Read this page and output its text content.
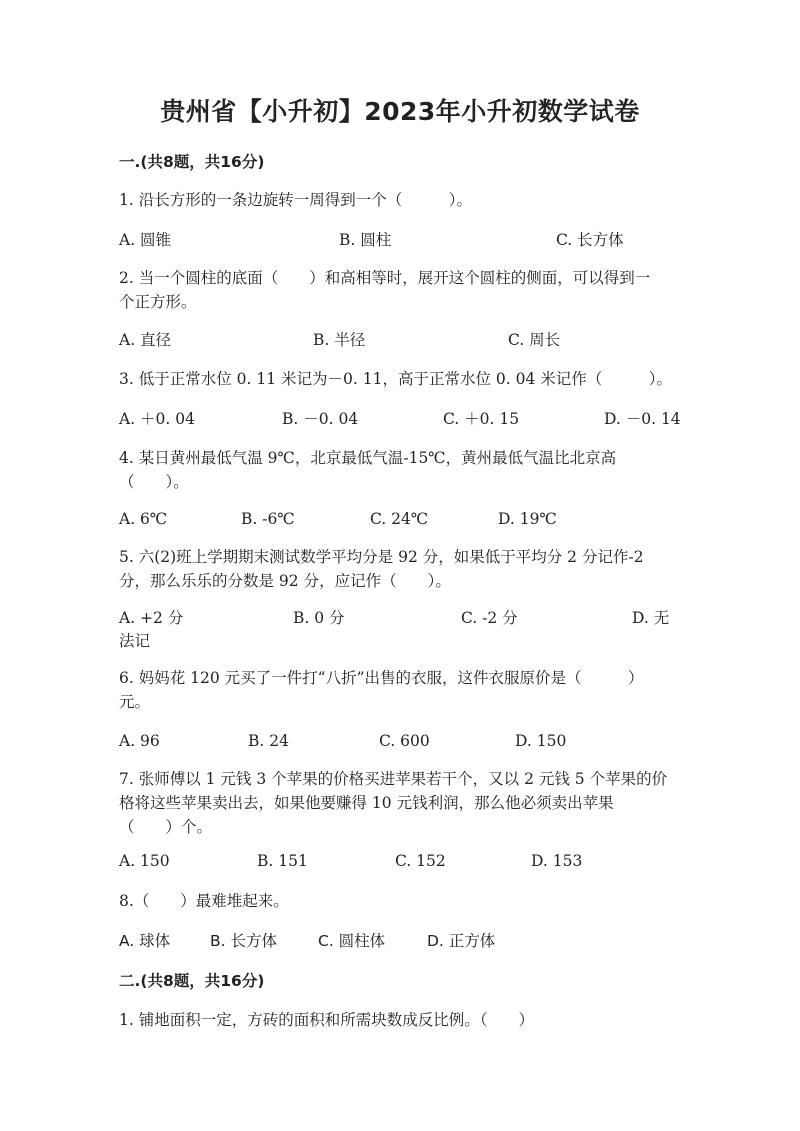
贵州省【小升初】2023年小升初数学试卷
一.(共8题，共16分)
1. 沿长方形的一条边旋转一周得到一个（　　　）。
A. 圆锥	B. 圆柱	C. 长方体
2. 当一个圆柱的底面（　　）和高相等时，展开这个圆柱的侧面，可以得到一
个正方形。
A. 直径	B. 半径	C. 周长
3. 低于正常水位 0. 11 米记为－0. 11，高于正常水位 0. 04 米记作（　　　）。
A. ＋0. 04	B. －0. 04	C. ＋0. 15	D. －0. 14
4. 某日黄州最低气温 9℃，北京最低气温-15℃，黄州最低气温比北京高
（　　）。
A. 6℃	B. -6℃	C. 24℃	D. 19℃
5. 六(2)班上学期期末测试数学平均分是 92 分，如果低于平均分 2 分记作-2
分，那么乐乐的分数是 92 分，应记作（　　）。
A. +2 分	B. 0 分	C. -2 分	D. 无
法记
6. 妈妈花 120 元买了一件打“八折”出售的衣服，这件衣服原价是（　　　）
元。
A. 96	B. 24	C. 600	D. 150
7. 张师傅以 1 元钱 3 个苹果的价格买进苹果若干个，又以 2 元钱 5 个苹果的价
格将这些苹果卖出去，如果他要赚得 10 元钱利润，那么他必须卖出苹果
（　　）个。
A. 150	B. 151	C. 152	D. 153
8.（　　）最难堆起来。
A. 球体	B. 长方体	C. 圆柱体	D. 正方体
二.(共8题，共16分)
1. 铺地面积一定，方砖的面积和所需块数成反比例。（　　）
